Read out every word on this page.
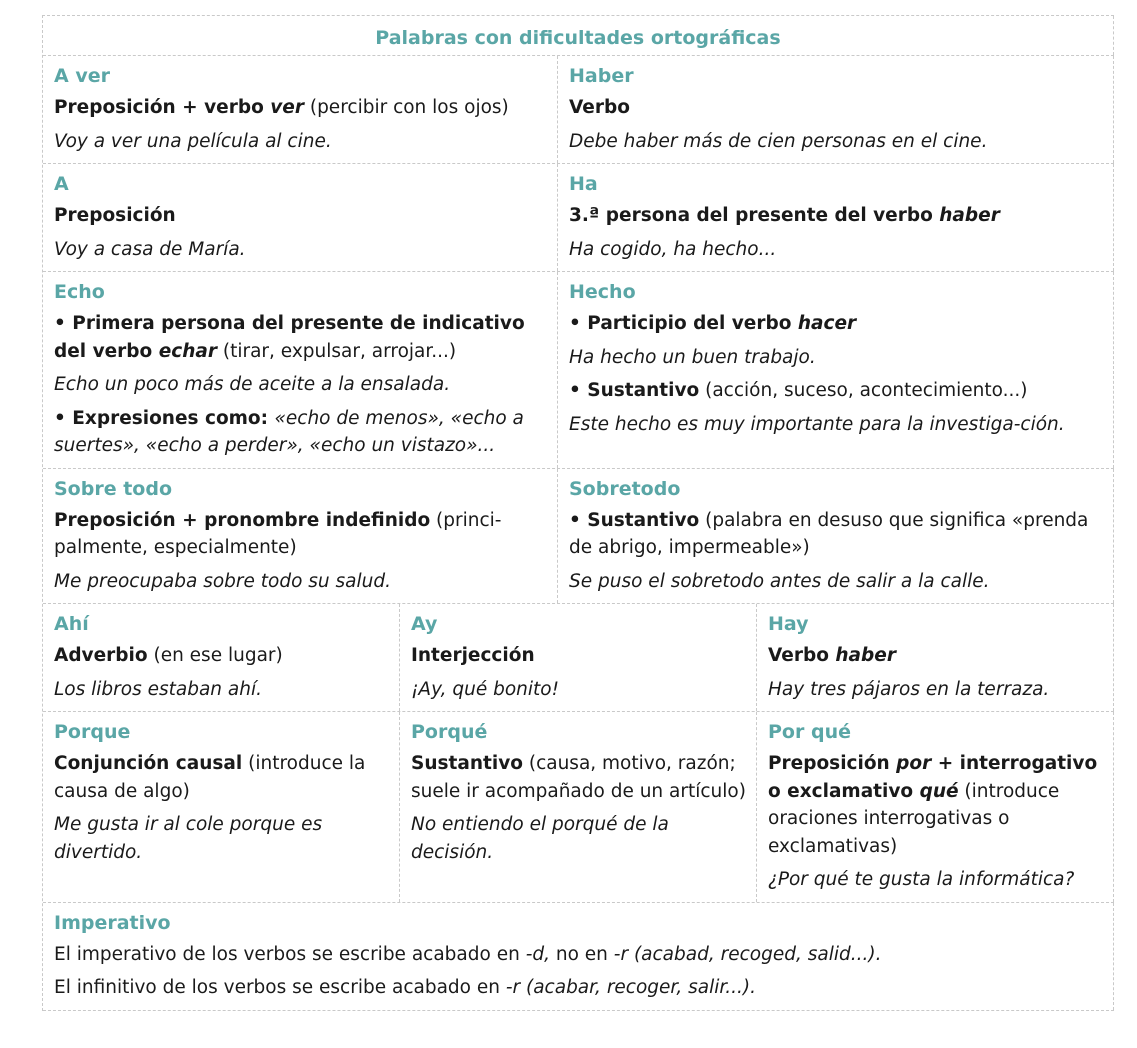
Palabras con dificultades ortográficas
A ver

Preposición + verbo ver (percibir con los ojos)

Voy a ver una película al cine.

Haber

Verbo

Debe haber más de cien personas en el cine.

A

Preposición

Voy a casa de María.

Ha

3.ª persona del presente del verbo haber

Ha cogido, ha hecho...

Echo

• Primera persona del presente de indicativo del verbo echar (tirar, expulsar, arrojar...)

Echo un poco más de aceite a la ensalada.

• Expresiones como: «echo de menos», «echo a suertes», «echo a perder», «echo un vistazo»...

Hecho

• Participio del verbo hacer

Ha hecho un buen trabajo.

• Sustantivo (acción, suceso, acontecimiento...)

Este hecho es muy importante para la investiga-ción.

Sobre todo

Preposición + pronombre indefinido (princi-palmente, especialmente)

Me preocupaba sobre todo su salud.

Sobretodo

• Sustantivo (palabra en desuso que significa «prenda de abrigo, impermeable»)

Se puso el sobretodo antes de salir a la calle.

Ahí

Adverbio (en ese lugar)

Los libros estaban ahí.

Ay

Interjección

¡Ay, qué bonito!

Hay

Verbo haber

Hay tres pájaros en la terraza.

Porque

Conjunción causal (introduce la causa de algo)

Me gusta ir al cole porque es divertido.

Porqué

Sustantivo (causa, motivo, razón; suele ir acompañado de un artículo)

No entiendo el porqué de la decisión.

Por qué

Preposición por + interrogativo o exclamativo qué (introduce oraciones interrogativas o exclamativas)

¿Por qué te gusta la informática?

Imperativo

El imperativo de los verbos se escribe acabado en -d, no en -r (acabad, recoged, salid...).

El infinitivo de los verbos se escribe acabado en -r (acabar, recoger, salir...).
